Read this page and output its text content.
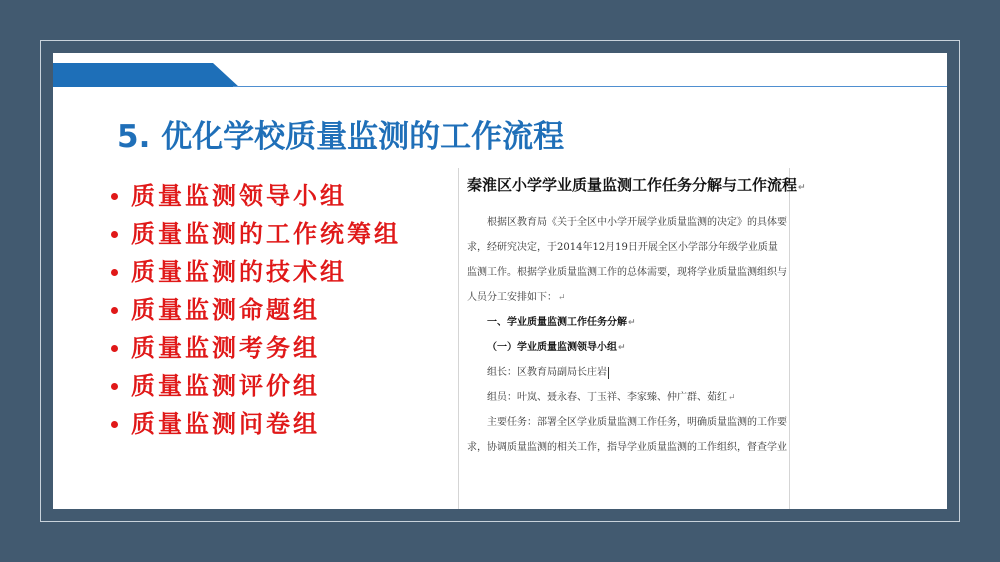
5. 优化学校质量监测的工作流程
质量监测领导小组
质量监测的工作统筹组
质量监测的技术组
质量监测命题组
质量监测考务组
质量监测评价组
质量监测问卷组
秦淮区小学学业质量监测工作任务分解与工作流程↵
根据区教育局《关于全区中小学开展学业质量监测的决定》的具体要
求，经研究决定，于2014年12月19日开展全区小学部分年级学业质量
监测工作。根据学业质量监测工作的总体需要，现将学业质量监测组织与
人员分工安排如下：↵
一、学业质量监测工作任务分解↵
（一）学业质量监测领导小组↵
组长：区教育局副局长庄岩
组员：叶岚、聂永春、丁玉祥、李家臻、仲广群、茹红↵
主要任务：部署全区学业质量监测工作任务，明确质量监测的工作要
求，协调质量监测的相关工作，指导学业质量监测的工作组织，督查学业
